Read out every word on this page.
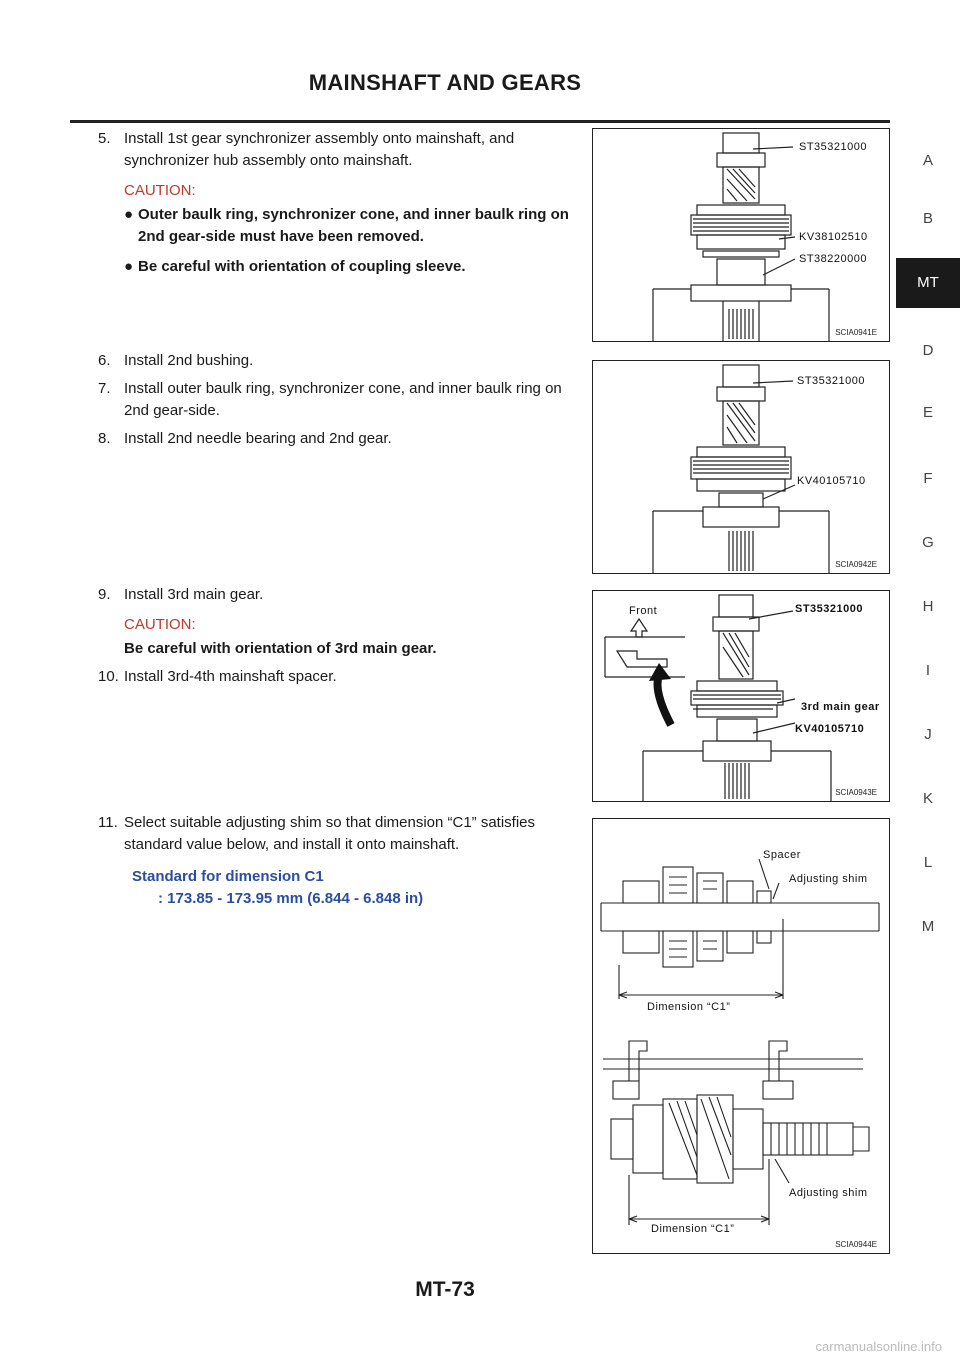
MAINSHAFT AND GEARS
A
B
MT
D
E
F
G
H
I
J
K
L
M
5. Install 1st gear synchronizer assembly onto mainshaft, and synchronizer hub assembly onto mainshaft.
CAUTION:
● Outer baulk ring, synchronizer cone, and inner baulk ring on 2nd gear-side must have been removed.
● Be careful with orientation of coupling sleeve.
6. Install 2nd bushing.
7. Install outer baulk ring, synchronizer cone, and inner baulk ring on 2nd gear-side.
8. Install 2nd needle bearing and 2nd gear.
9. Install 3rd main gear.
CAUTION:
Be careful with orientation of 3rd main gear.
10. Install 3rd-4th mainshaft spacer.
11. Select suitable adjusting shim so that dimension “C1” satisfies standard value below, and install it onto mainshaft.
Standard for dimension C1
: 173.85 - 173.95 mm (6.844 - 6.848 in)
ST35321000
KV38102510
ST38220000
SCIA0941E
ST35321000
KV40105710
SCIA0942E
Front	ST35321000
3rd main gear
KV40105710
SCIA0943E
Spacer
Adjusting shim
Dimension “C1”
Adjusting shim
Dimension “C1”
SCIA0944E
MT-73
carmanualsonline.info
